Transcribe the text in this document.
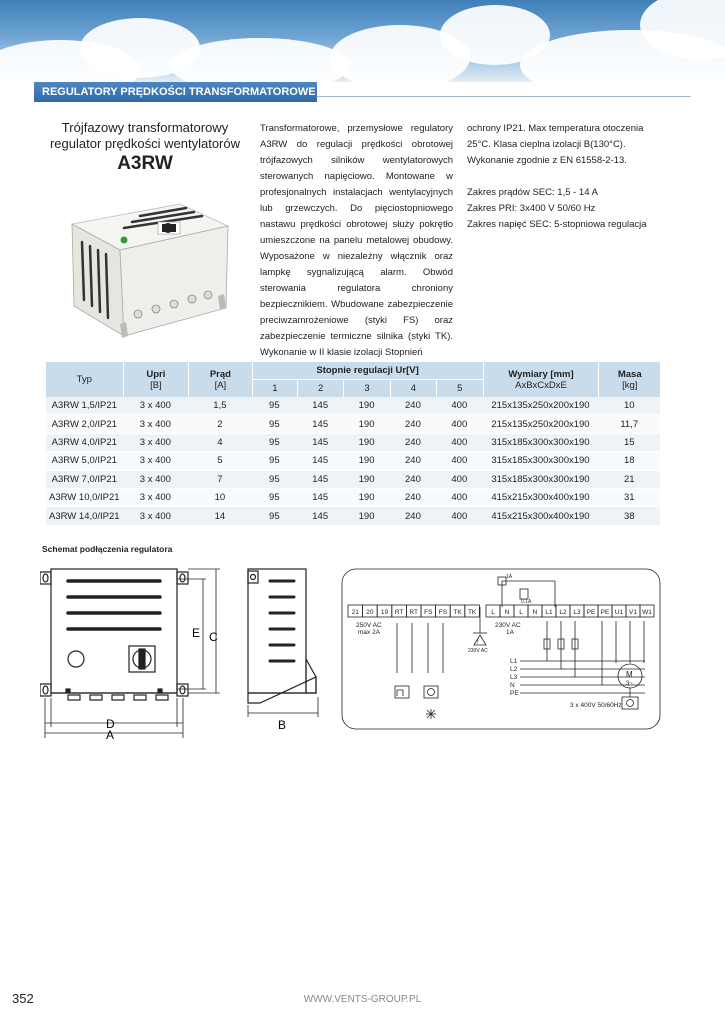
REGULATORY PRĘDKOŚCI TRANSFORMATOROWE
Trójfazowy transformatorowy
regulator prędkości wentylatorów
A3RW
Transformatorowe, przemysłowe regulatory A3RW do regulacji prędkości obrotowej trójfazowych silników wentylatorowych sterowanych napięciowo. Montowane w profesjonalnych instalacjach wentylacyjnych lub grzewczych. Do pięciostopniowego nastawu prędkości obrotowej służy pokrętło umieszczone na panelu metalowej obudowy. Wyposażone w niezależny włącznik oraz lampkę sygnalizującą alarm. Obwód sterowania regulatora chroniony bezpiecznikiem. Wbudowane zabezpieczenie preciwzamrożeniowe (styki FS) oraz zabezpieczenie termiczne silnika (styki TK). Wykonanie w II klasie izolacji Stopnień

ochrony IP21. Max temperatura otoczenia 25°C. Klasa cieplna izolacji B(130°C). Wykonanie zgodnie z EN 61558-2-13.

Zakres prądów SEC: 1,5 - 14 A

Zakres PRI: 3x400 V 50/60 Hz

Zakres napięć SEC: 5-stopniowa regulacja

Typ	Upri	Prąd	Stopnie regulacji Ur[V]					Wymiary [mm]	Masa
	[B]	[A]	1	2	3	4	5	AxBxCxDxE	[kg]
A3RW 1,5/IP21	3 x 400	1,5	95	145	190	240	400	215x135x250x200x190	10
A3RW 2,0/IP21	3 x 400	2	95	145	190	240	400	215x135x250x200x190	11,7
A3RW 4,0/IP21	3 x 400	4	95	145	190	240	400	315x185x300x300x190	15
A3RW 5,0/IP21	3 x 400	5	95	145	190	240	400	315x185x300x300x190	18
A3RW 7,0/IP21	3 x 400	7	95	145	190	240	400	315x185x300x300x190	21
A3RW 10,0/IP21	3 x 400	10	95	145	190	240	400	415x215x300x400x190	31
A3RW 14,0/IP21	3 x 400	14	95	145	190	240	400	415x215x300x400x190	38
Schemat podłączenia regulatora
E C
D
A
B
21 20 19 RT RT FS FS TK TK L N L N L1 L2 L3 PE PE U1 V1 W1
250V AC
max 2A
230V AC
1A
230V AC
!
1A
0.1A
L1
L2
L3
N
PE
3 x 400V 50/60Hz
M
3~
352	WWW.VENTS-GROUP.PL
